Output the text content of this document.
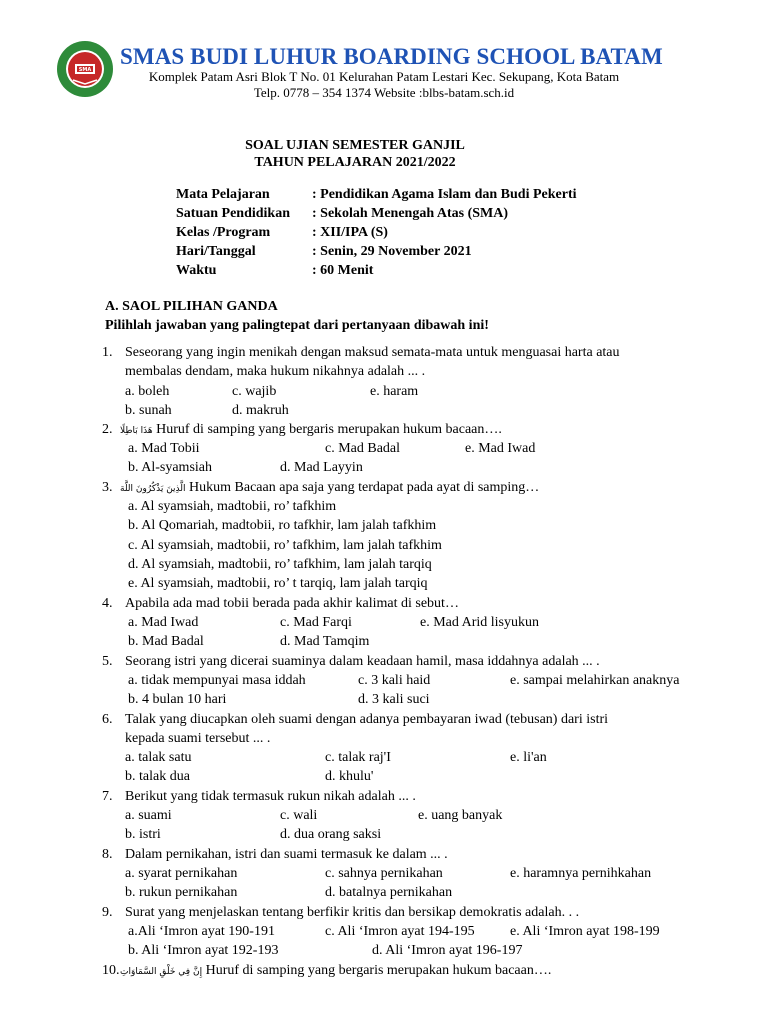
SMA
SMAS BUDI LUHUR BOARDING SCHOOL BATAM
Komplek Patam Asri Blok T No. 01 Kelurahan Patam Lestari Kec. Sekupang, Kota Batam
Telp. 0778 – 354 1374 Website :blbs-batam.sch.id
SOAL UJIAN SEMESTER GANJIL
TAHUN PELAJARAN 2021/2022
Mata Pelajaran	: Pendidikan Agama Islam dan Budi Pekerti
Satuan Pendidikan : Sekolah Menengah Atas (SMA)
Kelas /Program	: XII/IPA (S)
Hari/Tanggal	: Senin, 29 November 2021
Waktu	: 60 Menit
A. SAOL PILIHAN GANDA
Pilihlah jawaban yang palingtepat dari pertanyaan dibawah ini!
1. Seseorang yang ingin menikah dengan maksud semata-mata untuk menguasai harta atau
membalas dendam, maka hukum nikahnya adalah ... .
a. boleh	c. wajib	e. haram
b. sunah	d. makruh
2. هَذَا بَاطِلًا Huruf di samping yang bergaris merupakan hukum bacaan….
a. Mad Tobii	c. Mad Badal	e. Mad Iwad
b. Al-syamsiah	d. Mad Layyin
3. الَّذِينَ يَذْكُرُونَ اللَّهَ Hukum Bacaan apa saja yang terdapat pada ayat di samping…
a. Al syamsiah, madtobii, ro’ tafkhim
b. Al Qomariah, madtobii, ro tafkhir, lam jalah tafkhim
c. Al syamsiah, madtobii, ro’ tafkhim, lam jalah tafkhim
d. Al syamsiah, madtobii, ro’ tafkhim, lam jalah tarqiq
e. Al syamsiah, madtobii, ro’ t tarqiq, lam jalah tarqiq
4. Apabila ada mad tobii berada pada akhir kalimat di sebut…
a. Mad Iwad	c. Mad Farqi	e. Mad Arid lisyukun
b. Mad Badal	d. Mad Tamqim
5. Seorang istri yang dicerai suaminya dalam keadaan hamil, masa iddahnya adalah ... .
a. tidak mempunyai masa iddah	c. 3 kali haid	e. sampai melahirkan anaknya
b. 4 bulan 10 hari	d. 3 kali suci
6. Talak yang diucapkan oleh suami dengan adanya pembayaran iwad (tebusan) dari istri
kepada suami tersebut ... .
a. talak satu	c. talak raj'I	e. li'an
b. talak dua	d. khulu'
7. Berikut yang tidak termasuk rukun nikah adalah ... .
a. suami	c. wali	e. uang banyak
b. istri	d. dua orang saksi
8. Dalam pernikahan, istri dan suami termasuk ke dalam ... .
a. syarat pernikahan	c. sahnya pernikahan	e. haramnya pernihkahan
b. rukun pernikahan	d. batalnya pernikahan
9. Surat yang menjelaskan tentang berfikir kritis dan bersikap demokratis adalah. . .
a.Ali ‘Imron ayat 190-191	c. Ali ‘Imron ayat 194-195	e. Ali ‘Imron ayat 198-199
b. Ali ‘Imron ayat 192-193	d. Ali ‘Imron ayat 196-197
10. إِنَّ فِي خَلْقِ السَّمَاوَاتِ Huruf di samping yang bergaris merupakan hukum bacaan….
